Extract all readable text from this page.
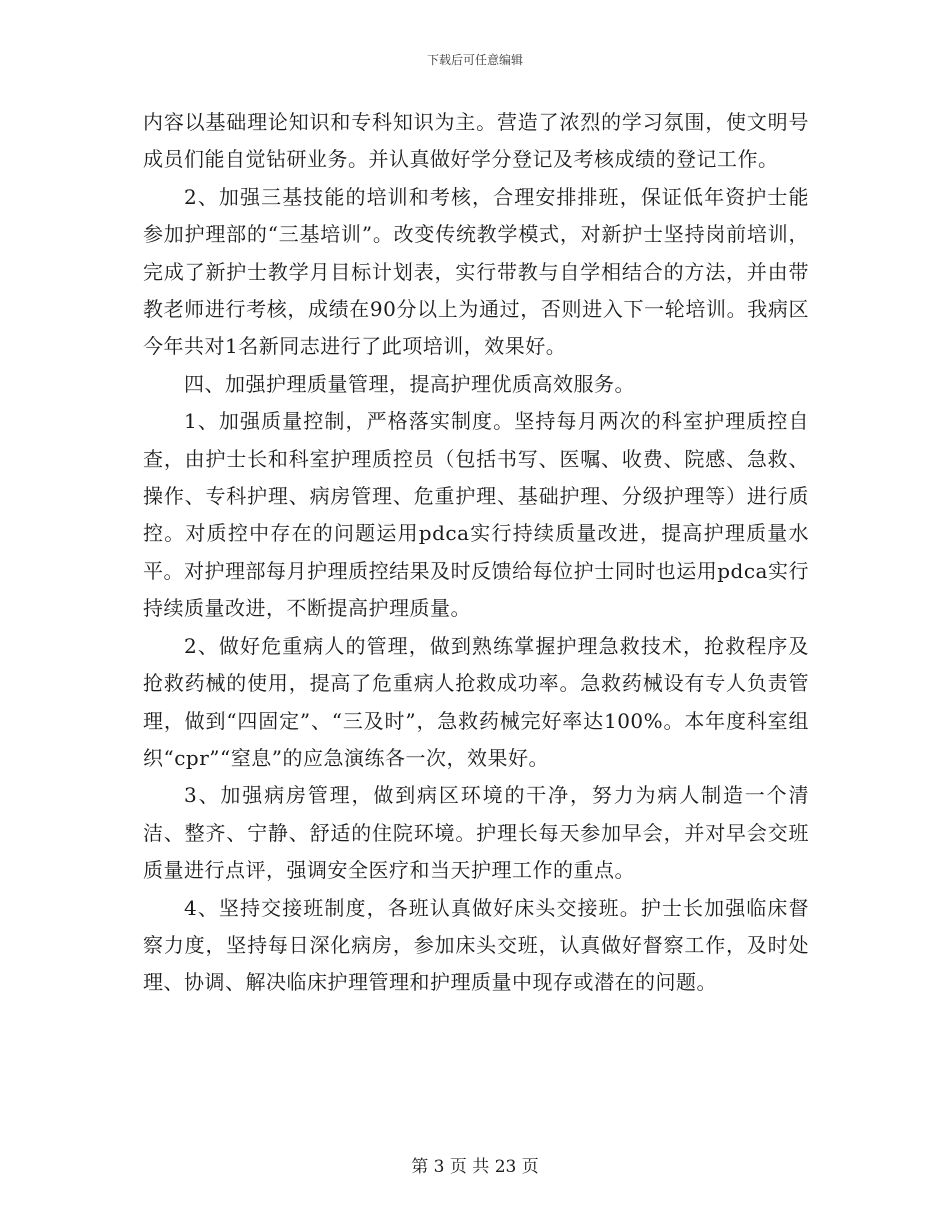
下载后可任意编辑

内容以基础理论知识和专科知识为主。营造了浓烈的学习氛围，使文明号成员们能自觉钻研业务。并认真做好学分登记及考核成绩的登记工作。

2、加强三基技能的培训和考核，合理安排排班，保证低年资护士能参加护理部的“三基培训”。改变传统教学模式，对新护士坚持岗前培训，完成了新护士教学月目标计划表，实行带教与自学相结合的方法，并由带教老师进行考核，成绩在90分以上为通过，否则进入下一轮培训。我病区今年共对1名新同志进行了此项培训，效果好。

四、加强护理质量管理，提高护理优质高效服务。

1、加强质量控制，严格落实制度。坚持每月两次的科室护理质控自查，由护士长和科室护理质控员（包括书写、医嘱、收费、院感、急救、操作、专科护理、病房管理、危重护理、基础护理、分级护理等）进行质控。对质控中存在的问题运用pdca实行持续质量改进，提高护理质量水平。对护理部每月护理质控结果及时反馈给每位护士同时也运用pdca实行持续质量改进，不断提高护理质量。

2、做好危重病人的管理，做到熟练掌握护理急救技术，抢救程序及抢救药械的使用，提高了危重病人抢救成功率。急救药械设有专人负责管理，做到“四固定”、“三及时”，急救药械完好率达100%。本年度科室组织“cpr”“窒息”的应急演练各一次，效果好。

3、加强病房管理，做到病区环境的干净，努力为病人制造一个清洁、整齐、宁静、舒适的住院环境。护理长每天参加早会，并对早会交班质量进行点评，强调安全医疗和当天护理工作的重点。

4、坚持交接班制度，各班认真做好床头交接班。护士长加强临床督察力度，坚持每日深化病房，参加床头交班，认真做好督察工作，及时处理、协调、解决临床护理管理和护理质量中现存或潜在的问题。

第 3 页 共 23 页
